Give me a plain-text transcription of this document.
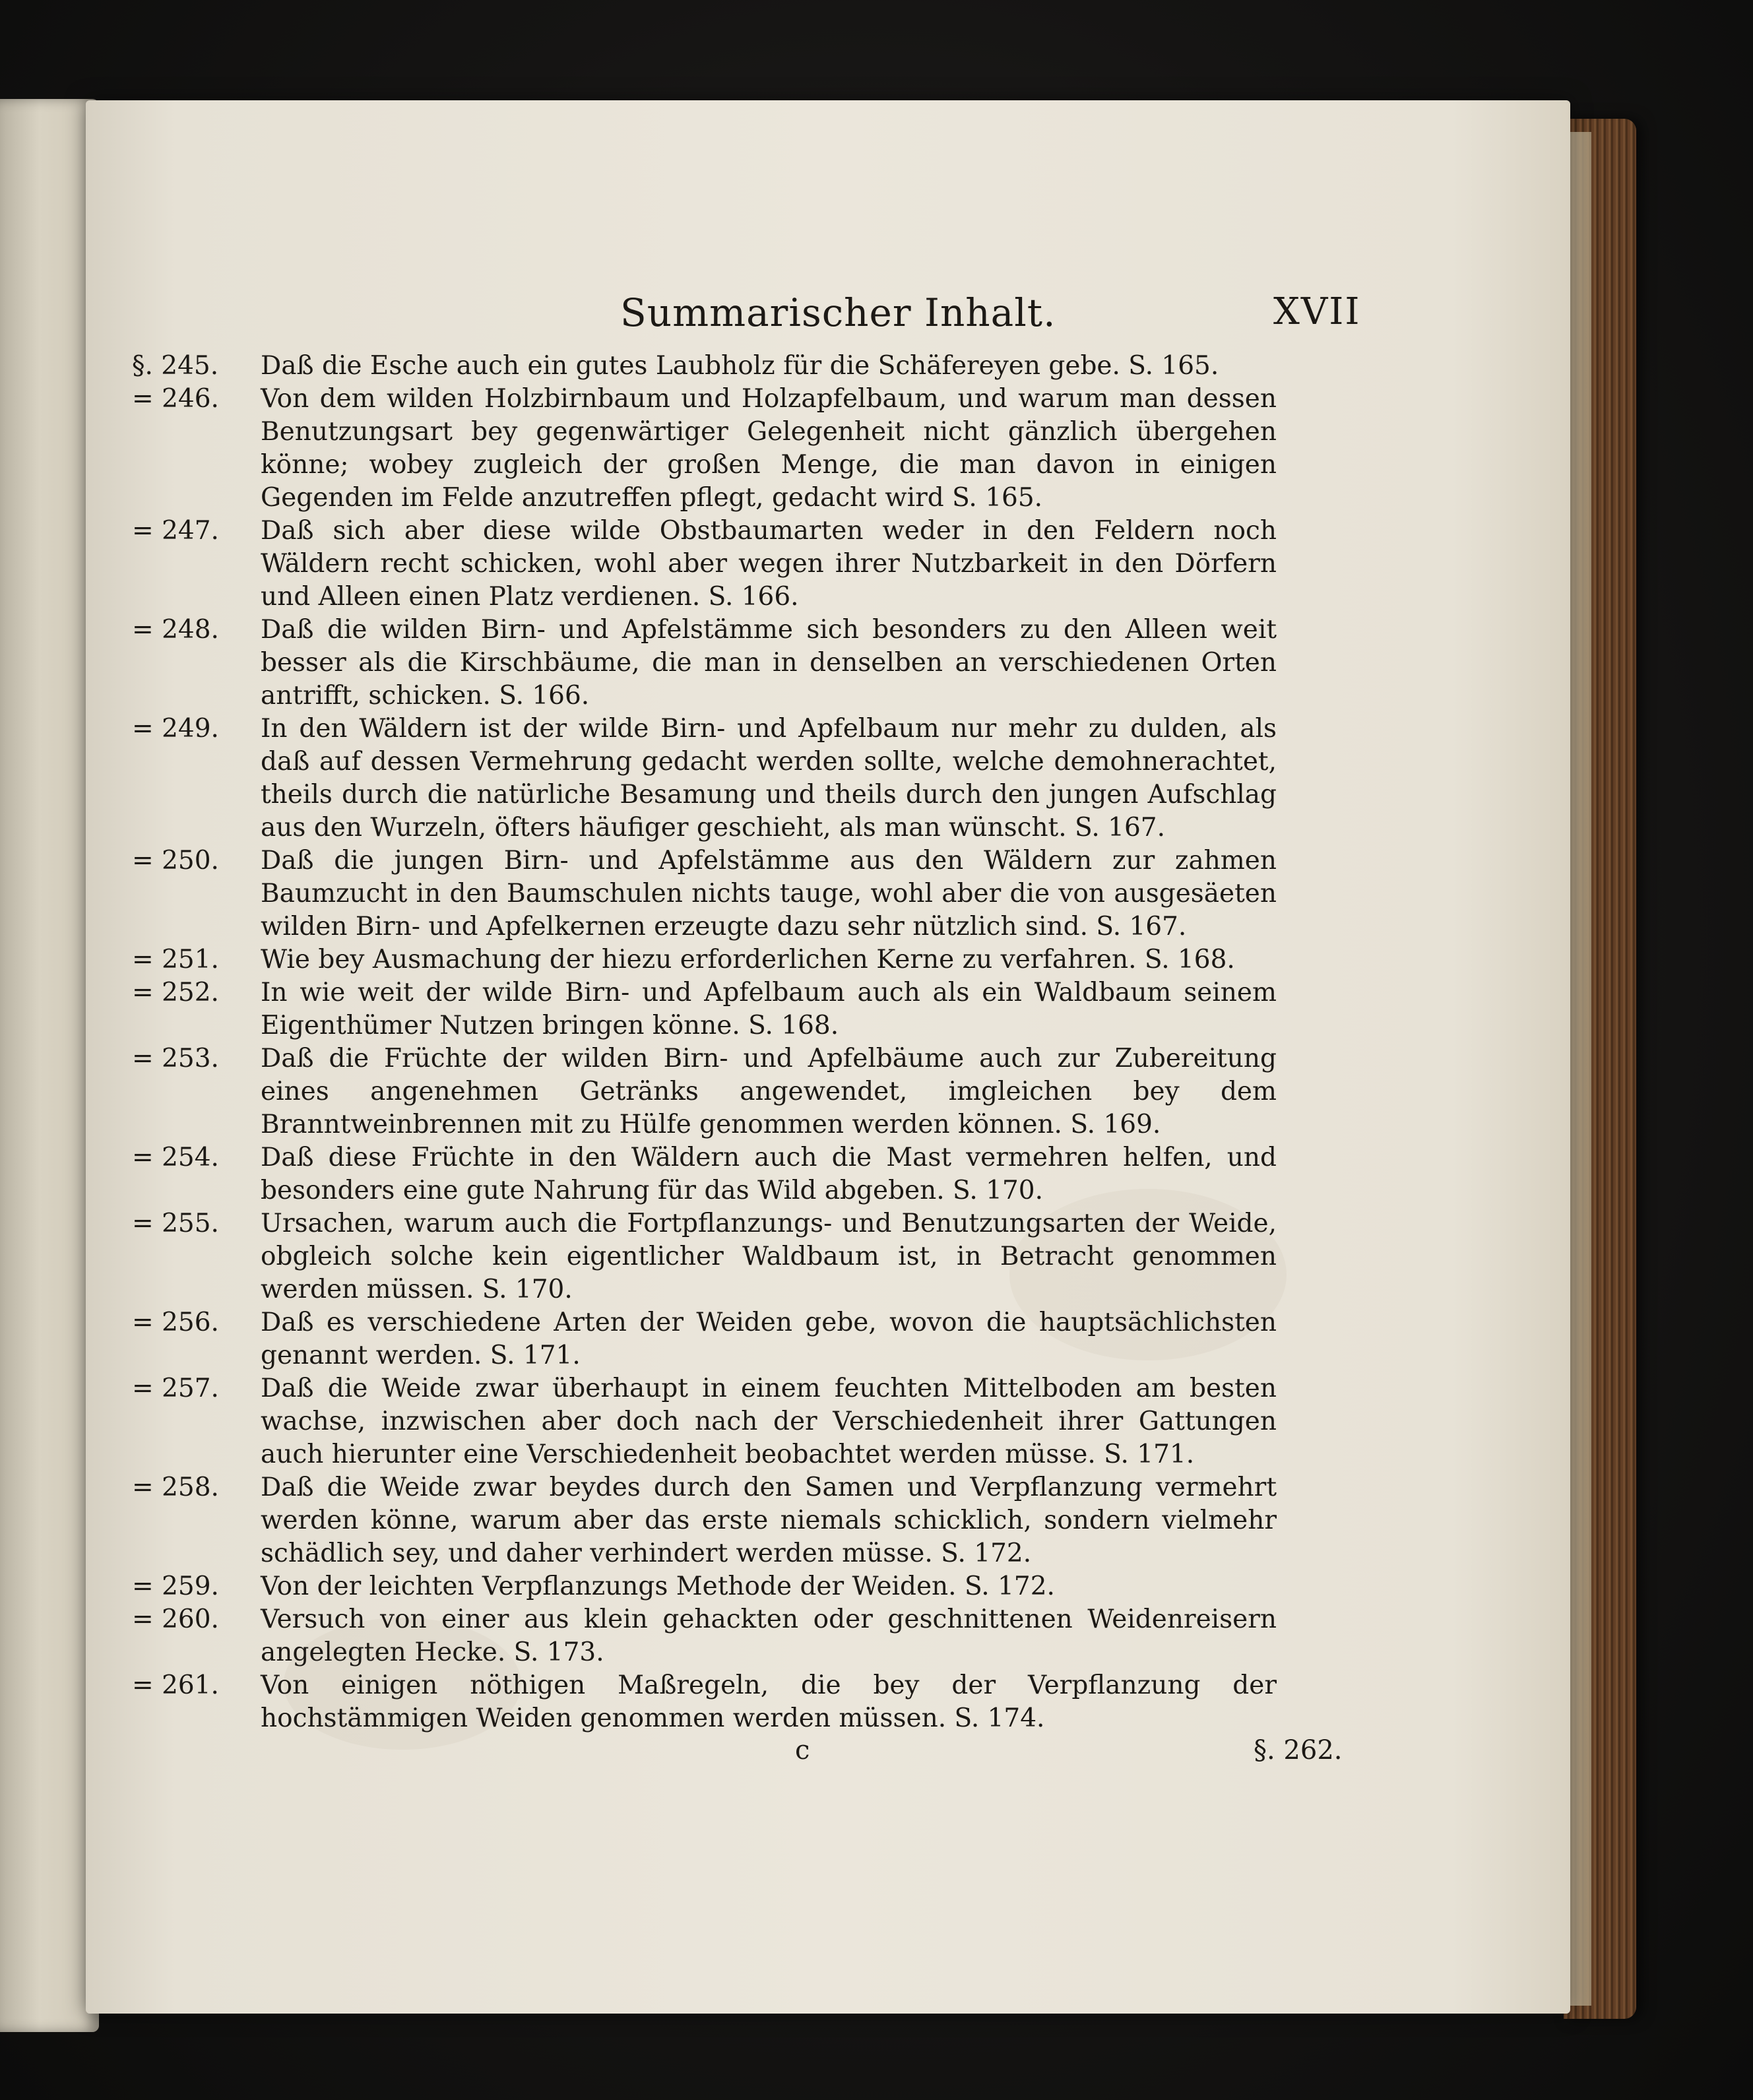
Summarischer Inhalt.	XVII
§. 245.	Daß die Esche auch ein gutes Laubholz für die Schäfereyen gebe. S. 165.
= 246.	Von dem wilden Holzbirnbaum und Holzapfelbaum, und warum man dessen Benutzungsart bey gegenwärtiger Gelegenheit nicht gänzlich übergehen könne; wobey zugleich der großen Menge, die man davon in einigen Gegenden im Felde anzutreffen pflegt, gedacht wird S. 165.
= 247.	Daß sich aber diese wilde Obstbaumarten weder in den Feldern noch Wäldern recht schicken, wohl aber wegen ihrer Nutzbarkeit in den Dörfern und Alleen einen Platz verdienen. S. 166.
= 248.	Daß die wilden Birn- und Apfelstämme sich besonders zu den Alleen weit besser als die Kirschbäume, die man in denselben an verschiedenen Orten antrifft, schicken. S. 166.
= 249.	In den Wäldern ist der wilde Birn- und Apfelbaum nur mehr zu dulden, als daß auf dessen Vermehrung gedacht werden sollte, welche demohnerachtet, theils durch die natürliche Besamung und theils durch den jungen Aufschlag aus den Wurzeln, öfters häufiger geschieht, als man wünscht. S. 167.
= 250.	Daß die jungen Birn- und Apfelstämme aus den Wäldern zur zahmen Baumzucht in den Baumschulen nichts tauge, wohl aber die von ausgesäeten wilden Birn- und Apfelkernen erzeugte dazu sehr nützlich sind. S. 167.
= 251.	Wie bey Ausmachung der hiezu erforderlichen Kerne zu verfahren. S. 168.
= 252.	In wie weit der wilde Birn- und Apfelbaum auch als ein Waldbaum seinem Eigenthümer Nutzen bringen könne. S. 168.
= 253.	Daß die Früchte der wilden Birn- und Apfelbäume auch zur Zubereitung eines angenehmen Getränks angewendet, imgleichen bey dem Branntweinbrennen mit zu Hülfe genommen werden können. S. 169.
= 254.	Daß diese Früchte in den Wäldern auch die Mast vermehren helfen, und besonders eine gute Nahrung für das Wild abgeben. S. 170.
= 255.	Ursachen, warum auch die Fortpflanzungs- und Benutzungsarten der Weide, obgleich solche kein eigentlicher Waldbaum ist, in Betracht genommen werden müssen. S. 170.
= 256.	Daß es verschiedene Arten der Weiden gebe, wovon die hauptsächlichsten genannt werden. S. 171.
= 257.	Daß die Weide zwar überhaupt in einem feuchten Mittelboden am besten wachse, inzwischen aber doch nach der Verschiedenheit ihrer Gattungen auch hierunter eine Verschiedenheit beobachtet werden müsse. S. 171.
= 258.	Daß die Weide zwar beydes durch den Samen und Verpflanzung vermehrt werden könne, warum aber das erste niemals schicklich, sondern vielmehr schädlich sey, und daher verhindert werden müsse. S. 172.
= 259.	Von der leichten Verpflanzungs Methode der Weiden. S. 172.
= 260.	Versuch von einer aus klein gehackten oder geschnittenen Weidenreisern angelegten Hecke. S. 173.
= 261.	Von einigen nöthigen Maßregeln, die bey der Verpflanzung der hochstämmigen Weiden genommen werden müssen. S. 174.
c	§. 262.
